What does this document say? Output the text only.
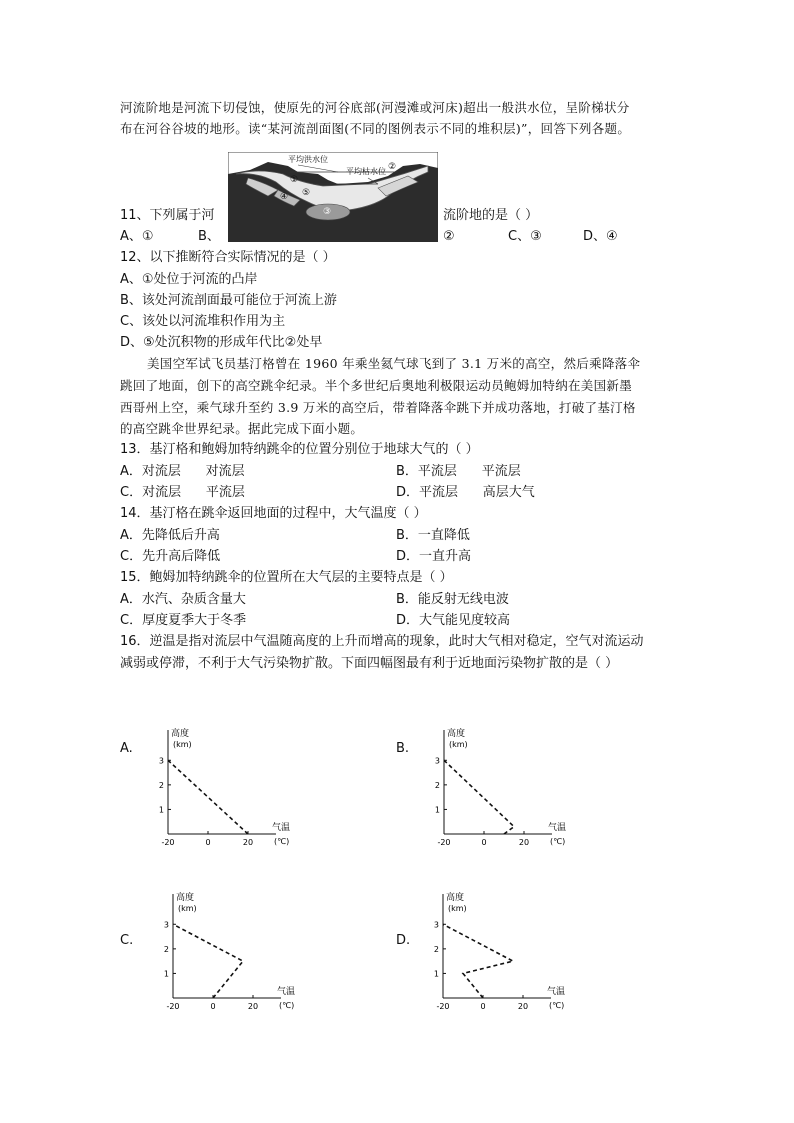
河流阶地是河流下切侵蚀，使原先的河谷底部(河漫滩或河床)超出一般洪水位，呈阶梯状分
布在河谷谷坡的地形。读“某河流剖面图(不同的图例表示不同的堆积层)”，回答下列各题。
平均洪水位
平均枯水位 ②
①
④ ⑤
③
11、下列属于河	流阶地的是（ ）
A、①	B、	②	C、③	D、④
12、以下推断符合实际情况的是（ ）
A、①处位于河流的凸岸
B、该处河流剖面最可能位于河流上游
C、该处以河流堆积作用为主
D、⑤处沉积物的形成年代比②处早
美国空军试飞员基汀格曾在 1960 年乘坐氦气球飞到了 3.1 万米的高空，然后乘降落伞
跳回了地面，创下的高空跳伞纪录。半个多世纪后奥地利极限运动员鲍姆加特纳在美国新墨
西哥州上空，乘气球升至约 3.9 万米的高空后，带着降落伞跳下并成功落地，打破了基汀格
的高空跳伞世界纪录。据此完成下面小题。
13．基汀格和鲍姆加特纳跳伞的位置分别位于地球大气的（ ）
A．对流层      对流层	B．平流层      平流层
C．对流层      平流层	D．平流层      高层大气
14．基汀格在跳伞返回地面的过程中，大气温度（ ）
A．先降低后升高	B．一直降低
C．先升高后降低	D．一直升高
15．鲍姆加特纳跳伞的位置所在大气层的主要特点是（ ）
A．水汽、杂质含量大	B．能反射无线电波
C．厚度夏季大于冬季	D．大气能见度较高
16．逆温是指对流层中气温随高度的上升而增高的现象，此时大气相对稳定，空气对流运动
减弱或停滞，不利于大气污染物扩散。下面四幅图最有利于近地面污染物扩散的是（ ）
A.	B.
C.	D.
高度
(km)
气温
(℃)
-20	0	20
1
2
3
高度
(km)
气温
(℃)
-20	0	20
1
2
3
高度
(km)
气温
(℃)
-20	0	20
1
2
3
高度
(km)
气温
(℃)
-20	0	20
1
2
3
